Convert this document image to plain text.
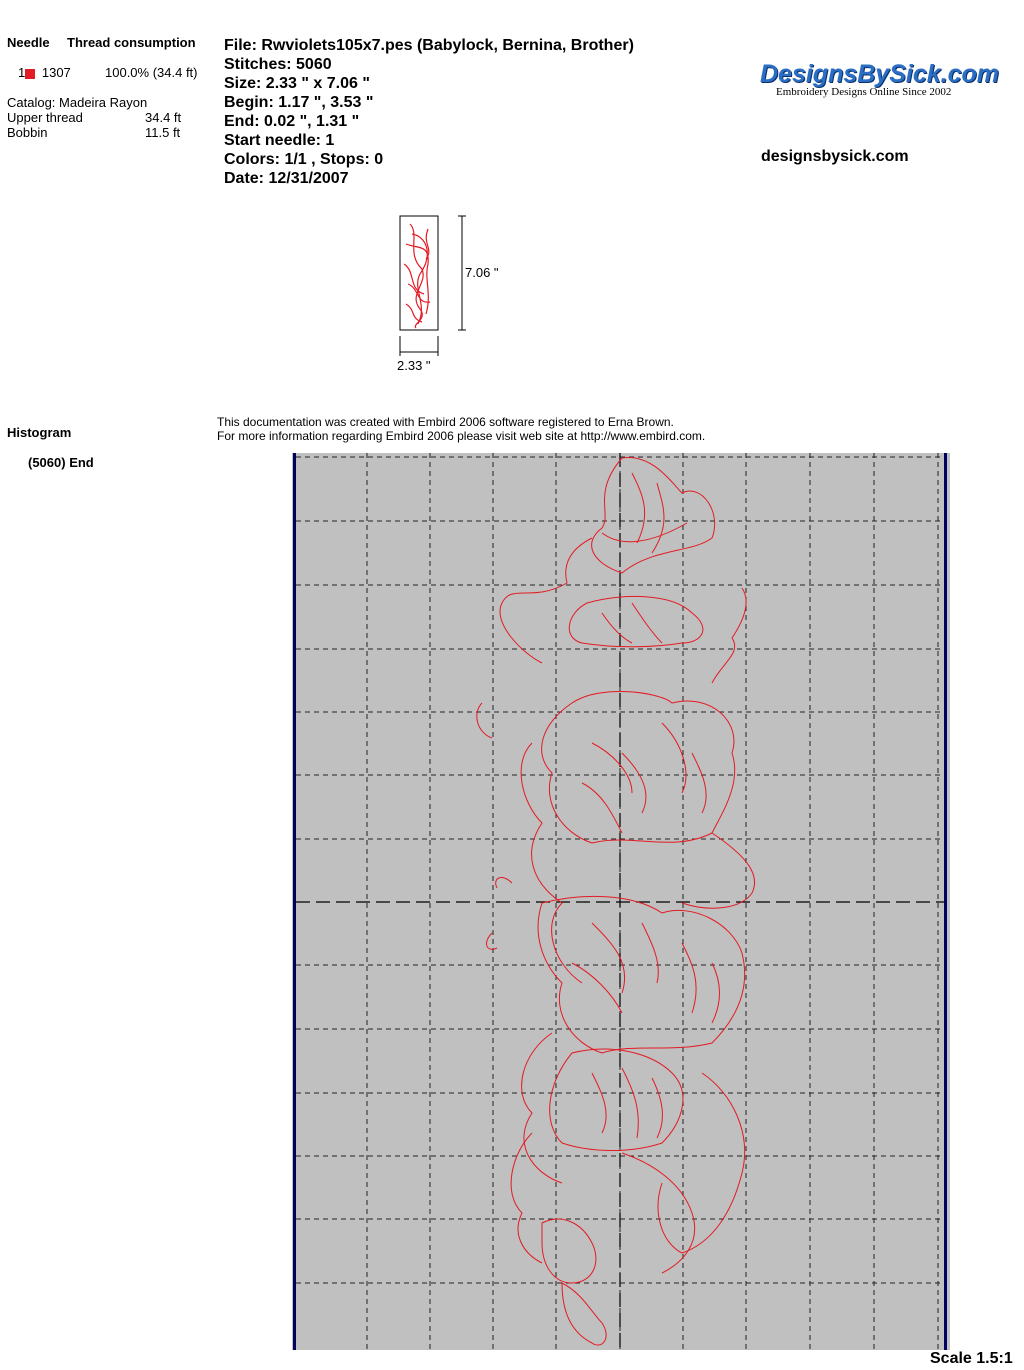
Needle Thread consumption
1 1307	100.0% (34.4 ft)
Catalog: Madeira Rayon
Upper thread	34.4 ft
Bobbin	11.5 ft
File: Rwviolets105x7.pes (Babylock, Bernina, Brother)
Stitches: 5060
Size: 2.33 " x 7.06 "
Begin: 1.17 ", 3.53 "
End: 0.02 ", 1.31 "
Start needle: 1
Colors: 1/1 , Stops: 0
Date: 12/31/2007
DesignsBySick.com
Embroidery Designs Online Since 2002
designsbysick.com
7.06 "
2.33 "
Histogram
(5060) End
This documentation was created with Embird 2006 software registered to Erna Brown.
For more information regarding Embird 2006 please visit web site at http://www.embird.com.
Scale 1.5:1
